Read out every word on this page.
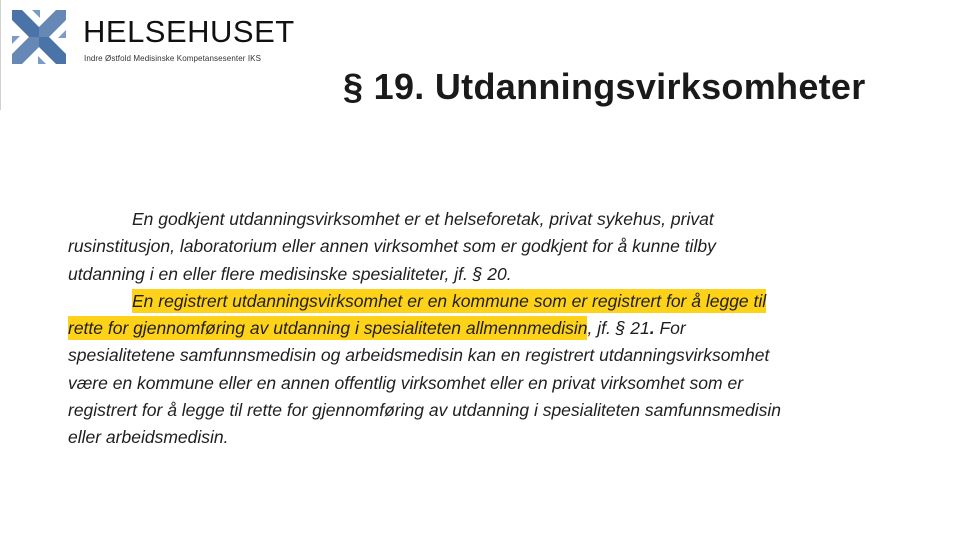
HELSEHUSET
Indre Østfold Medisinske Kompetansesenter IKS
§ 19. Utdanningsvirksomheter
En godkjent utdanningsvirksomhet er et helseforetak, privat sykehus, privat
rusinstitusjon, laboratorium eller annen virksomhet som er godkjent for å kunne tilby
utdanning i en eller flere medisinske spesialiteter, jf. § 20.
En registrert utdanningsvirksomhet er en kommune som er registrert for å legge til
rette for gjennomføring av utdanning i spesialiteten allmennmedisin, jf. § 21. For
spesialitetene samfunnsmedisin og arbeidsmedisin kan en registrert utdanningsvirksomhet
være en kommune eller en annen offentlig virksomhet eller en privat virksomhet som er
registrert for å legge til rette for gjennomføring av utdanning i spesialiteten samfunnsmedisin
eller arbeidsmedisin.
